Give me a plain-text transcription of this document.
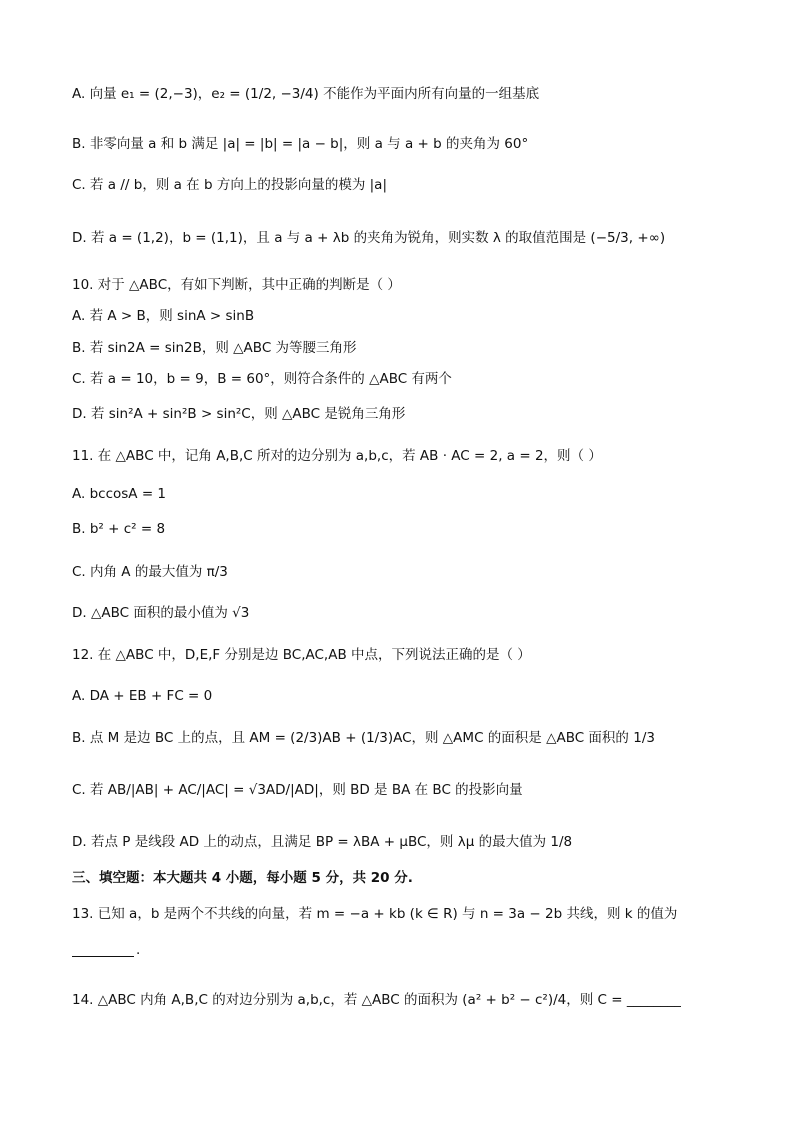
A. 向量 e₁ = (2,−3)，e₂ = (1/2, −3/4) 不能作为平面内所有向量的一组基底
B. 非零向量 a 和 b 满足 |a| = |b| = |a − b|，则 a 与 a + b 的夹角为 60°
C. 若 a // b，则 a 在 b 方向上的投影向量的模为 |a|
D. 若 a = (1,2)，b = (1,1)，且 a 与 a + λb 的夹角为锐角，则实数 λ 的取值范围是 (−5/3, +∞)
10. 对于 △ABC，有如下判断，其中正确的判断是（ ）
A. 若 A > B，则 sinA > sinB
B. 若 sin2A = sin2B，则 △ABC 为等腰三角形
C. 若 a = 10，b = 9，B = 60°，则符合条件的 △ABC 有两个
D. 若 sin²A + sin²B > sin²C，则 △ABC 是锐角三角形
11. 在 △ABC 中，记角 A,B,C 所对的边分别为 a,b,c，若 AB · AC = 2, a = 2，则（ ）
A. bccosA = 1
B. b² + c² = 8
C. 内角 A 的最大值为 π/3
D. △ABC 面积的最小值为 √3
12. 在 △ABC 中，D,E,F 分别是边 BC,AC,AB 中点，下列说法正确的是（ ）
A. DA + EB + FC = 0
B. 点 M 是边 BC 上的点，且 AM = (2/3)AB + (1/3)AC，则 △AMC 的面积是 △ABC 面积的 1/3
C. 若 AB/|AB| + AC/|AC| = √3AD/|AD|，则 BD 是 BA 在 BC 的投影向量
D. 若点 P 是线段 AD 上的动点，且满足 BP = λBA + μBC，则 λμ 的最大值为 1/8
三、填空题：本大题共 4 小题，每小题 5 分，共 20 分.
13. 已知 a，b 是两个不共线的向量，若 m = −a + kb (k ∈ R) 与 n = 3a − 2b 共线，则 k 的值为
.
14. △ABC 内角 A,B,C 的对边分别为 a,b,c，若 △ABC 的面积为 (a² + b² − c²)/4，则 C = ________
